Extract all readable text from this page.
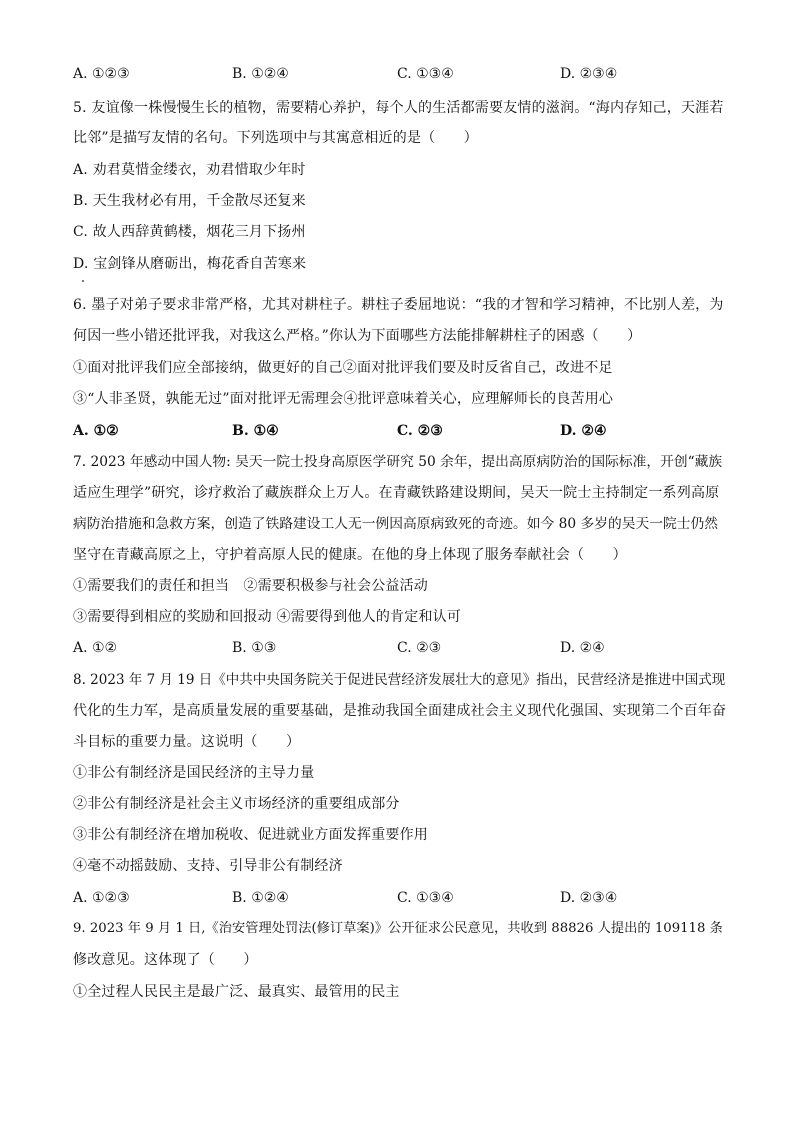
A. ①②③	B. ①②④	C. ①③④	D. ②③④
5. 友谊像一株慢慢生长的植物，需要精心养护，每个人的生活都需要友情的滋润。“海内存知己，天涯若
比邻”是描写友情的名句。下列选项中与其寓意相近的是（　　）
A. 劝君莫惜金缕衣，劝君惜取少年时
B. 天生我材必有用，千金散尽还复来
C. 故人西辞黄鹤楼，烟花三月下扬州
D. 宝剑锋从磨砺出，梅花香自苦寒来
6. 墨子对弟子要求非常严格，尤其对耕柱子。耕柱子委屈地说：“我的才智和学习精神，不比别人差，为
何因一些小错还批评我，对我这么严格。”你认为下面哪些方法能排解耕柱子的困惑（　　）
①面对批评我们应全部接纳，做更好的自己②面对批评我们要及时反省自己，改进不足
③“人非圣贤，孰能无过”面对批评无需理会④批评意味着关心，应理解师长的良苦用心
A. ①②	B. ①④	C. ②③	D. ②④
7. 2023 年感动中国人物: 吴天一院士投身高原医学研究 50 余年，提出高原病防治的国际标准，开创“藏族
适应生理学”研究，诊疗救治了藏族群众上万人。在青藏铁路建设期间，吴天一院士主持制定一系列高原
病防治措施和急救方案，创造了铁路建设工人无一例因高原病致死的奇迹。如今 80 多岁的吴天一院士仍然
坚守在青藏高原之上，守护着高原人民的健康。在他的身上体现了服务奉献社会（　　）
①需要我们的责任和担当　②需要积极参与社会公益活动
③需要得到相应的奖励和回报动 ④需要得到他人的肯定和认可
A. ①②	B. ①③	C. ②③	D. ②④
8. 2023 年 7 月 19 日《中共中央国务院关于促进民营经济发展壮大的意见》指出，民营经济是推进中国式现
代化的生力军，是高质量发展的重要基础，是推动我国全面建成社会主义现代化强国、实现第二个百年奋
斗目标的重要力量。这说明（　　）
①非公有制经济是国民经济的主导力量
②非公有制经济是社会主义市场经济的重要组成部分
③非公有制经济在增加税收、促进就业方面发挥重要作用
④毫不动摇鼓励、支持、引导非公有制经济
A. ①②③	B. ①②④	C. ①③④	D. ②③④
9. 2023 年 9 月 1 日,《治安管理处罚法(修订草案)》公开征求公民意见，共收到 88826 人提出的 109118 条
修改意见。这体现了（　　）
①全过程人民民主是最广泛、最真实、最管用的民主
